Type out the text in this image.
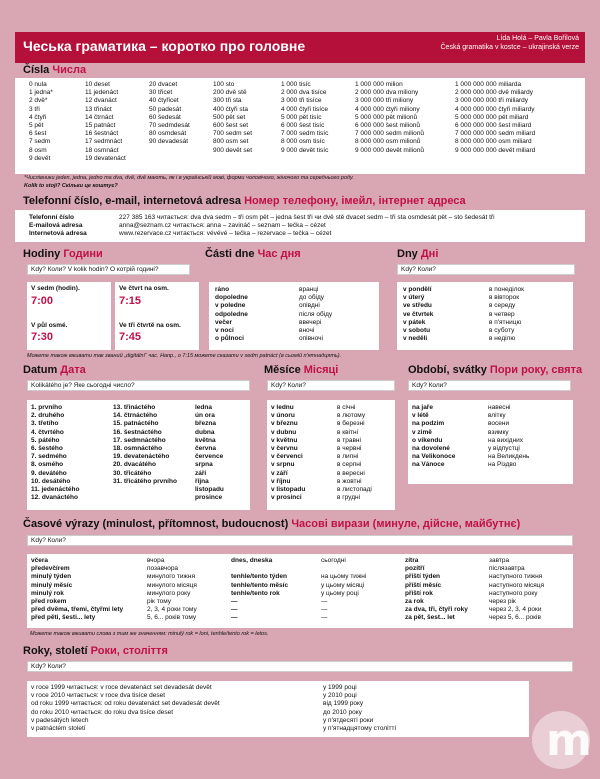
Чеська граматика – коротко про головне	Lída Holá – Pavla Bořilová
Česká gramatika v kostce – ukrajinská verze
Čísla Числа

0 nula
1 jedna*
2 dvě*
3 tři
4 čtyři
5 pět
6 šest
7 sedm
8 osm
9 devět

10 deset
11 jedenáct
12 dvanáct
13 třináct
14 čtrnáct
15 patnáct
16 šestnáct
17 sedmnáct
18 osmnáct
19 devatenáct

20 dvacet
30 třicet
40 čtyřicet
50 padesát
60 šedesát
70 sedmdesát
80 osmdesát
90 devadesát

100 sto
200 dvě stě
300 tři sta
400 čtyři sta
500 pět set
600 šest set
700 sedm set
800 osm set
900 devět set

1 000 tisíc
2 000 dva tisíce
3 000 tři tisíce
4 000 čtyři tisíce
5 000 pět tisíc
6 000 šest tisíc
7 000 sedm tisíc
8 000 osm tisíc
9 000 devět tisíc

1 000 000 milion
2 000 000 dva miliony
3 000 000 tři miliony
4 000 000 čtyři miliony
5 000 000 pět milionů
6 000 000 šest milionů
7 000 000 sedm milionů
8 000 000 osm milionů
9 000 000 devět milionů

1 000 000 000 miliarda
2 000 000 000 dvě miliardy
3 000 000 000 tři miliardy
4 000 000 000 čtyři miliardy
5 000 000 000 pět miliard
6 000 000 000 šest miliard
7 000 000 000 sedm miliard
8 000 000 000 osm miliard
9 000 000 000 devět miliard

*Числівники jeden, jedna, jedno та dva, dvě, dvě мають, як і в українській мові, форми чоловічого, жіночого та середнього роду.
Kolik to stojí? Скільки це коштує?
Telefonní číslo, e-mail, internetová adresa Номер телефону, імейл, інтернет адреса

Telefonní číslo
E-mailová adresa
Internetová adresa

227 385 163 читається: dva dva sedm – tři osm pět – jedna šest tři чи dvě stě dvacet sedm – tři sta osmdesát pět – sto šedesát tři
anna@seznam.cz читається: anna – zavináč – seznam – tečka – cézet
www.rezervace.cz читається: vévévé – tečka – rezervace – tečka – cézet

Hodiny Години
Kdy? Коли? V kolik hodin? О котрій годині?

V sedm (hodin).

7:00

Ve čtvrt na osm.

7:15

V půl osmé.

7:30

Ve tři čtvrtě na osm.

7:45

Можете також вживати так званий „digitální“ час. Напр., о 7:15 можете сказати v sedm patnáct (в сьомій п'ятнадцять).
Části dne Час дня

ráno
dopoledne
v poledne
odpoledne
večer
v noci
o půlnoci

вранці
до обіду
опівдні
після обіду
ввечері
вночі
опівночі

Dny Дні
Kdy? Коли?

v pondělí
v úterý
ve středu
ve čtvrtek
v pátek
v sobotu
v neděli

в понеділок
в вівторок
в середу
в четвер
в п'ятницю
в суботу
в неділю

Datum Дата
Kolikátého je? Яке сьогодні число?

1. prvního
2. druhého
3. třetího
4. čtvrtého
5. pátého
6. šestého
7. sedmého
8. osmého
9. devátého
10. desátého
11. jedenáctého
12. dvanáctého

13. třináctého
14. čtrnáctého
15. patnáctého
16. šestnáctého
17. sedmnáctého
18. osmnáctého
19. devatenáctého
20. dvacátého
30. třicátého
31. třicátého prvního

ledna
ún ora
března
dubna
května
června
července
srpna
září
října
listopadu
prosince

Měsíce Місяці
Kdy? Коли?

v lednu
v únoru
v březnu
v dubnu
v květnu
v červnu
v červenci
v srpnu
v září
v říjnu
v listopadu
v prosinci

в січні
в лютому
в березні
в квітні
в травні
в червні
в липні
в серпні
в вересні
в жовтні
в листопаді
в грудні

Období, svátky Пори року, свята
Kdy? Коли?

na jaře
v létě
na podzim
v zimě
o víkendu
na dovolené
na Velikonoce
na Vánoce

навесні
влітку
восени
взимку
на вихідних
у відпустці
на Великдень
на Різдво

Časové výrazy (minulost, přítomnost, budoucnost) Часові вирази (минуле, дійсне, майбутнє)
Kdy? Коли?

včera
předevčírem
minulý týden
minulý měsíc
minulý rok
před rokem
před dvěma, třemi, čtyřmi lety
před pěti, šesti... lety

вчора
позавчора
минулого тижня
минулого місяця
минулого року
рік тому
2, 3, 4 роки тому
5, 6... років тому

dnes, dneska

tenhle/tento týden
tenhle/tento měsíc
tenhle/tento rok
—
—
—

сьогодні

на цьому тижні
у цьому місяці
у цьому році
—
—
—

zítra
pozítří
příští týden
příští měsíc
příští rok
za rok
za dva, tři, čtyři roky
za pět, šest... let

завтра
післязавтра
наступного тижня
наступного місяця
наступного року
через рік
через 2, 3, 4 роки
через 5, 6... років

Можете також вживати слова з тим же значенням: minulý rok = loni, tenhle/tento rok = letos.
Roky, století Роки, століття
Kdy? Коли?

v roce 1999 читається: v roce devatenáct set devadesát devět
v roce 2010 читається: v roce dva tisíce deset
od roku 1999 читається: od roku devatenáct set devadesát devět
do roku 2010 читається: do roku dva tisíce deset
v padesátých letech
v patnáctém století

у 1999 році
у 2010 році
від 1999 року
до 2010 року
у п'ятдесяті роки
у п'ятнадцятому столітті	m
